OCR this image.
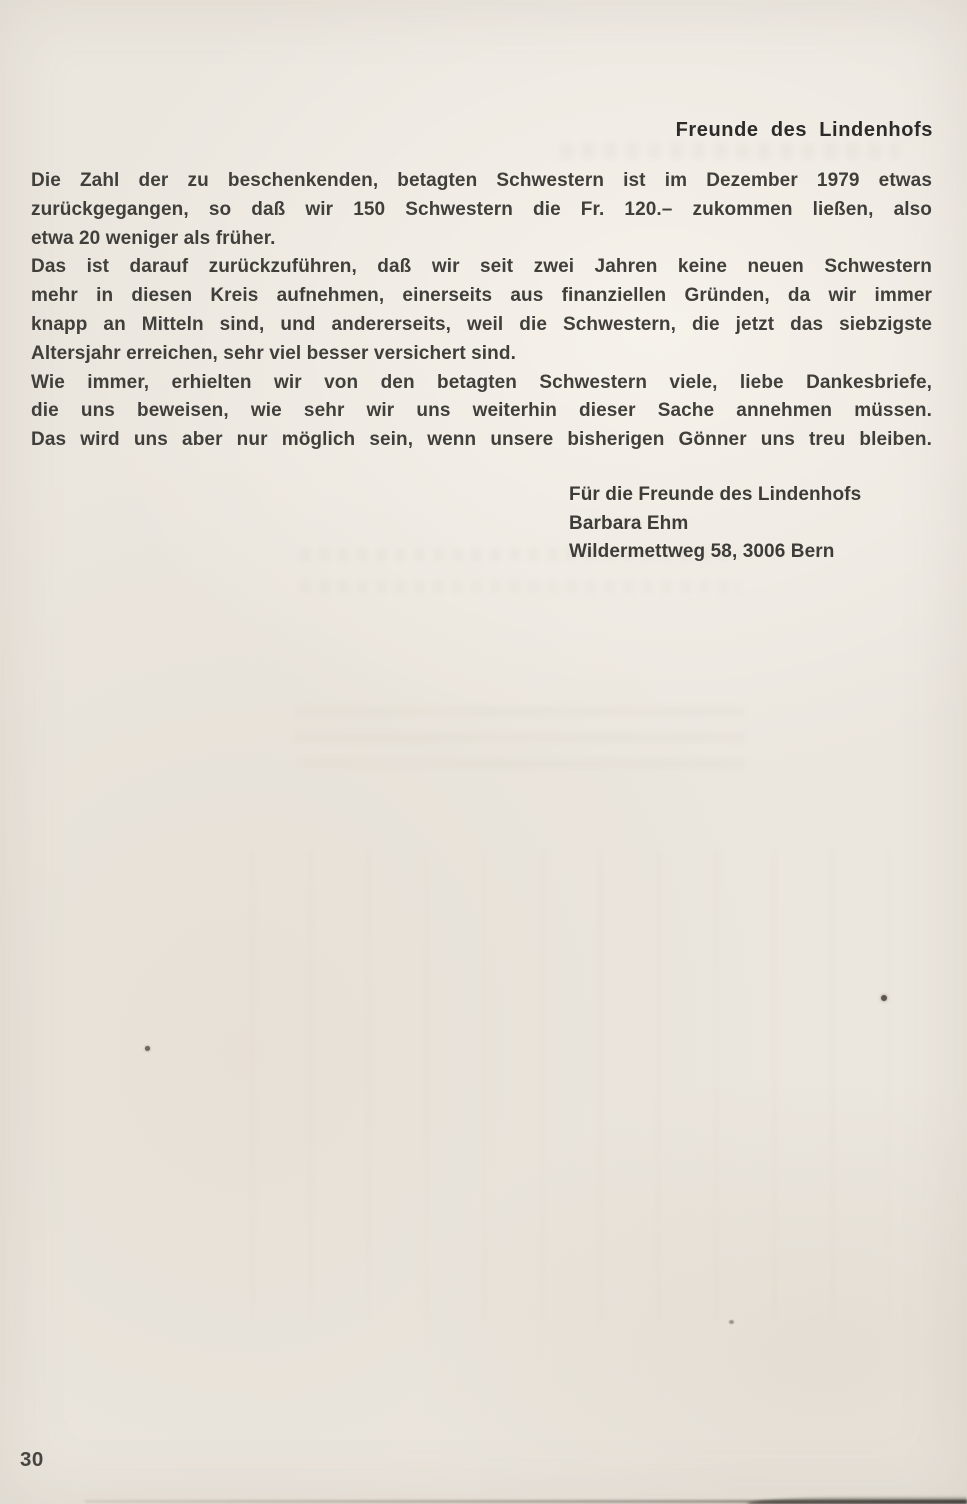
Freunde des Lindenhofs
Die Zahl der zu beschenkenden, betagten Schwestern ist im Dezember 1979 etwas
zurückgegangen, so daß wir 150 Schwestern die Fr. 120.– zukommen ließen, also
etwa 20 weniger als früher.
Das ist darauf zurückzuführen, daß wir seit zwei Jahren keine neuen Schwestern
mehr in diesen Kreis aufnehmen, einerseits aus finanziellen Gründen, da wir immer
knapp an Mitteln sind, und andererseits, weil die Schwestern, die jetzt das siebzigste
Altersjahr erreichen, sehr viel besser versichert sind.
Wie immer, erhielten wir von den betagten Schwestern viele, liebe Dankesbriefe,
die uns beweisen, wie sehr wir uns weiterhin dieser Sache annehmen müssen.
Das wird uns aber nur möglich sein, wenn unsere bisherigen Gönner uns treu bleiben.
Für die Freunde des Lindenhofs
Barbara Ehm
Wildermettweg 58, 3006 Bern
30
